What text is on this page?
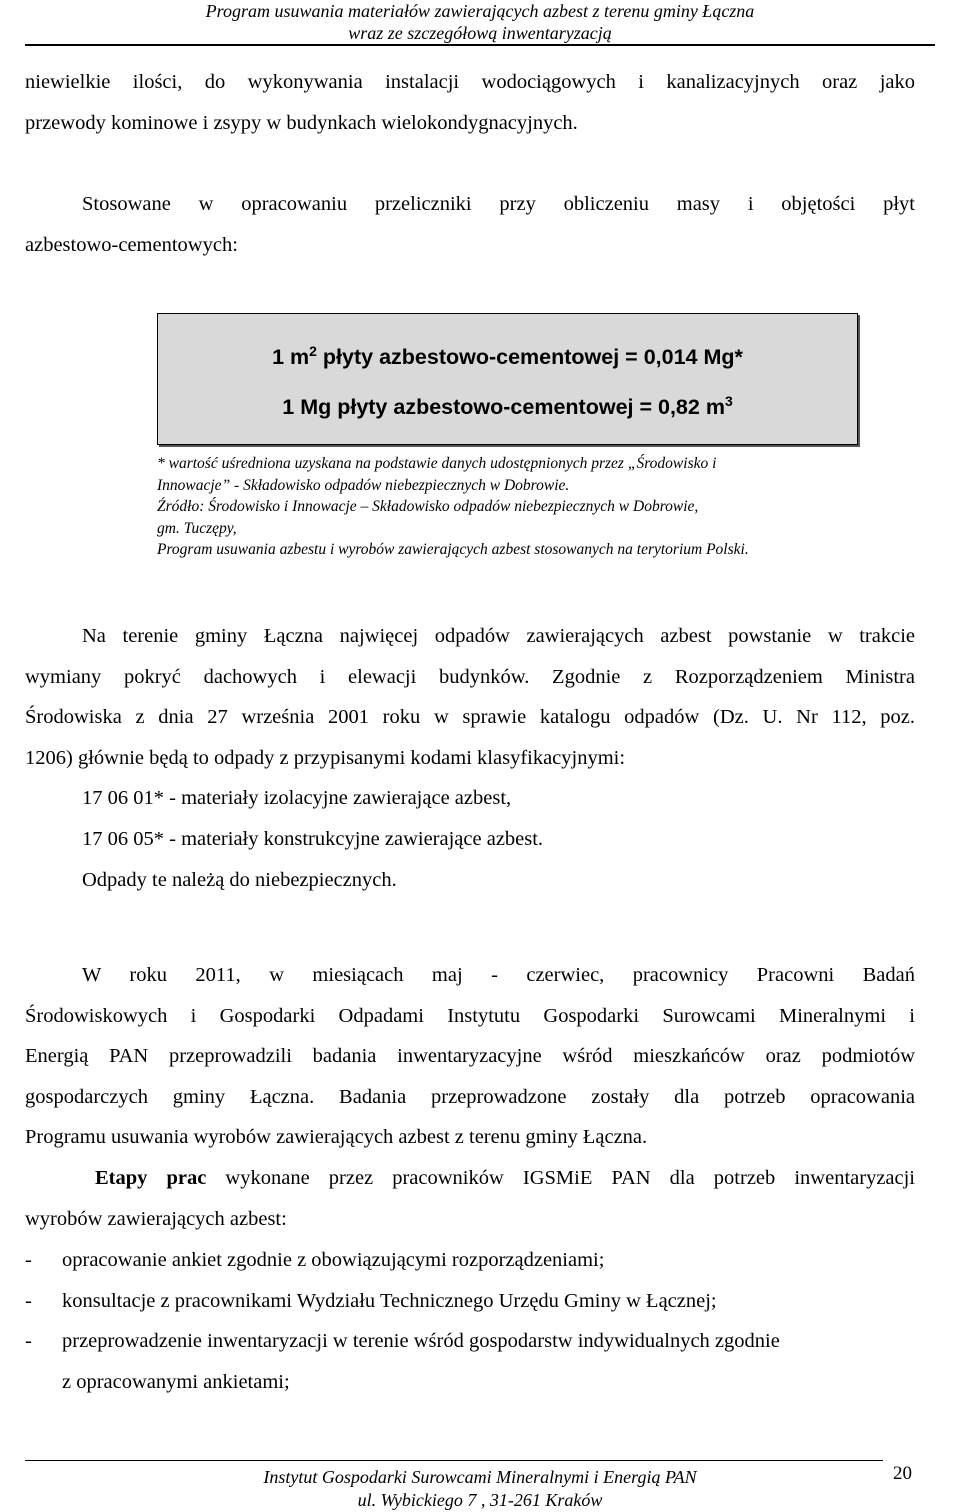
Program usuwania materiałów zawierających azbest z terenu gminy Łączna
wraz ze szczegółową inwentaryzacją
niewielkie ilości, do wykonywania instalacji wodociągowych i kanalizacyjnych oraz jako
przewody kominowe i zsypy w budynkach wielokondygnacyjnych.
Stosowane w opracowaniu przeliczniki przy obliczeniu masy i objętości płyt
azbestowo-cementowych:
1 $m^2$ płyty azbestowo-cementowej = 0,014 Mg*
1 Mg płyty azbestowo-cementowej = 0,82 $m^3$
* wartość uśredniona uzyskana na podstawie danych udostępnionych przez „Środowisko i
Innowacje” - Składowisko odpadów niebezpiecznych w Dobrowie.
Źródło: Środowisko i Innowacje – Składowisko odpadów niebezpiecznych w Dobrowie,
gm. Tuczępy,
Program usuwania azbestu i wyrobów zawierających azbest stosowanych na terytorium Polski.
Na terenie gminy Łączna najwięcej odpadów zawierających azbest powstanie w trakcie
wymiany pokryć dachowych i elewacji budynków. Zgodnie z Rozporządzeniem Ministra
Środowiska z dnia 27 września 2001 roku w sprawie katalogu odpadów (Dz. U. Nr 112, poz.
1206) głównie będą to odpady z przypisanymi kodami klasyfikacyjnymi:
17 06 01* - materiały izolacyjne zawierające azbest,
17 06 05* - materiały konstrukcyjne zawierające azbest.
Odpady te należą do niebezpiecznych.
W roku 2011, w miesiącach maj - czerwiec, pracownicy Pracowni Badań
Środowiskowych i Gospodarki Odpadami Instytutu Gospodarki Surowcami Mineralnymi i
Energią PAN przeprowadzili badania inwentaryzacyjne wśród mieszkańców oraz podmiotów
gospodarczych gminy Łączna. Badania przeprowadzone zostały dla potrzeb opracowania
Programu usuwania wyrobów zawierających azbest z terenu gminy Łączna.
Etapy prac wykonane przez pracowników IGSMiE PAN dla potrzeb inwentaryzacji
wyrobów zawierających azbest:
- opracowanie ankiet zgodnie z obowiązującymi rozporządzeniami;
- konsultacje z pracownikami Wydziału Technicznego Urzędu Gminy w Łącznej;
- przeprowadzenie inwentaryzacji w terenie wśród gospodarstw indywidualnych zgodnie
z opracowanymi ankietami;
Instytut Gospodarki Surowcami Mineralnymi i Energią PAN
ul. Wybickiego 7 , 31-261 Kraków
20
